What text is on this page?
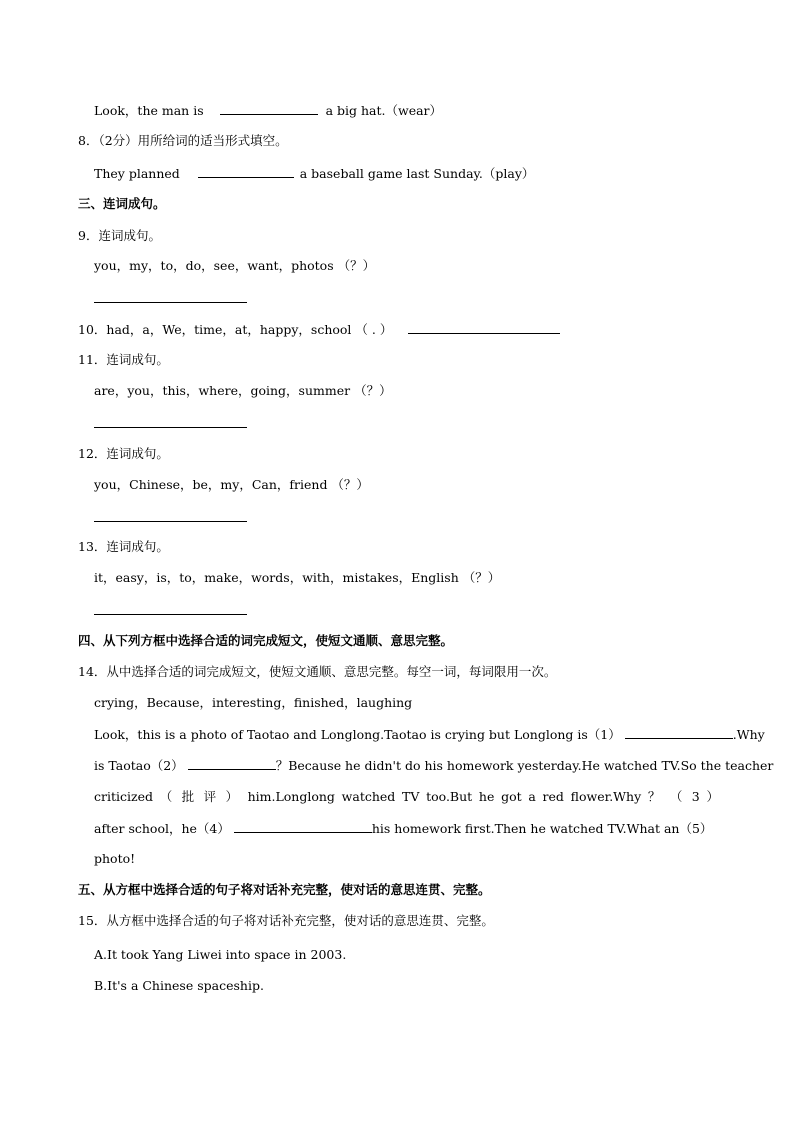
Look，the man is	a big hat.（wear）
8．（2分）用所给词的适当形式填空。
They planned	a baseball game last Sunday.（play）
三、连词成句。
9．连词成句。
you，my，to，do，see，want，photos （？）
10．had，a，We，time，at，happy，school （ . ）
11．连词成句。
are，you，this，where，going，summer （？）
12．连词成句。
you，Chinese，be，my，Can，friend （？）
13．连词成句。
it，easy，is，to，make，words，with，mistakes，English （？）
四、从下列方框中选择合适的词完成短文，使短文通顺、意思完整。
14．从中选择合适的词完成短文，使短文通顺、意思完整。每空一词，每词限用一次。
crying，Because，interesting，finished，laughing
Look，this is a photo of Taotao and Longlong.Taotao is crying but Longlong is（1）	.Why
is Taotao（2）	？Because he didn't do his homework yesterday.He watched TV.So the teacher
criticized （ 批 评 ） him.Longlong watched TV too.But he got a red flower.Why ？ （ 3 ）
after school，he（4）	his homework first.Then he watched TV.What an（5）
photo!
五、从方框中选择合适的句子将对话补充完整，使对话的意思连贯、完整。
15．从方框中选择合适的句子将对话补充完整，使对话的意思连贯、完整。
A.It took Yang Liwei into space in 2003.
B.It's a Chinese spaceship.
